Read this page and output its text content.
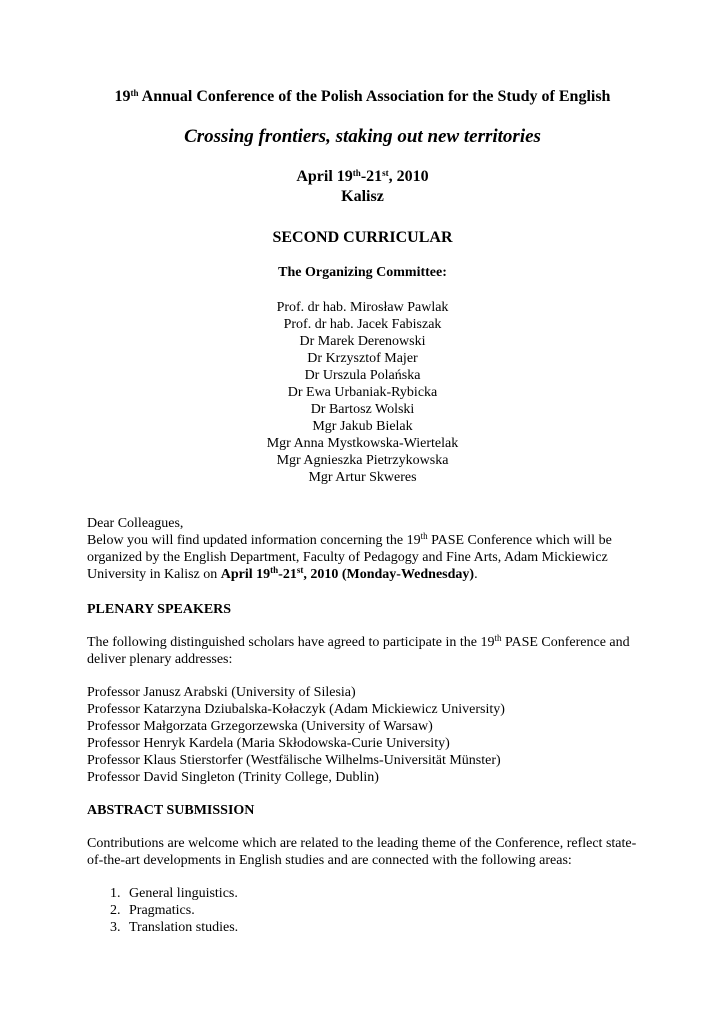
19th Annual Conference of the Polish Association for the Study of English
Crossing frontiers, staking out new territories
April 19th-21st, 2010
Kalisz
SECOND CURRICULAR
The Organizing Committee:
Prof. dr hab. Mirosław Pawlak
Prof. dr hab. Jacek Fabiszak
Dr Marek Derenowski
Dr Krzysztof Majer
Dr Urszula Polańska
Dr Ewa Urbaniak-Rybicka
Dr Bartosz Wolski
Mgr Jakub Bielak
Mgr Anna Mystkowska-Wiertelak
Mgr Agnieszka Pietrzykowska
Mgr Artur Skweres

Dear Colleagues,

Below you will find updated information concerning the 19th PASE Conference which will be organized by the English Department, Faculty of Pedagogy and Fine Arts, Adam Mickiewicz University in Kalisz on April 19th-21st, 2010 (Monday-Wednesday).

PLENARY SPEAKERS

The following distinguished scholars have agreed to participate in the 19th PASE Conference and deliver plenary addresses:

Professor Janusz Arabski (University of Silesia)
Professor Katarzyna Dziubalska-Kołaczyk (Adam Mickiewicz University)
Professor Małgorzata Grzegorzewska (University of Warsaw)
Professor Henryk Kardela (Maria Skłodowska-Curie University)
Professor Klaus Stierstorfer (Westfälische Wilhelms-Universität Münster)
Professor David Singleton (Trinity College, Dublin)

ABSTRACT SUBMISSION

Contributions are welcome which are related to the leading theme of the Conference, reflect state-of-the-art developments in English studies and are connected with the following areas:

1. General linguistics.
2. Pragmatics.
3. Translation studies.
